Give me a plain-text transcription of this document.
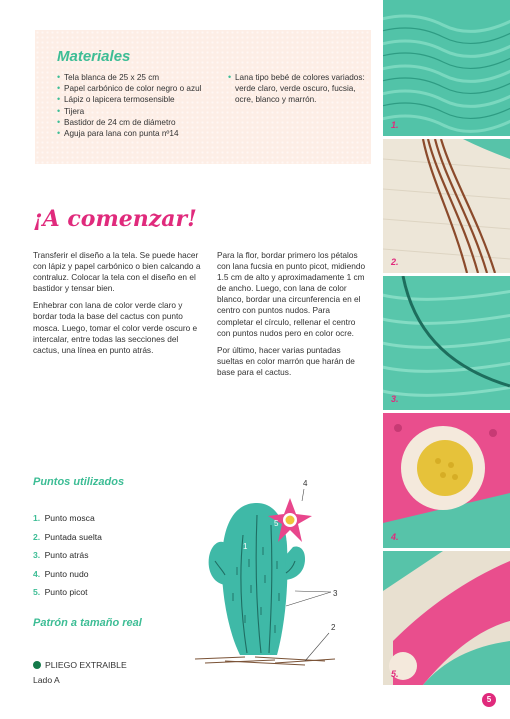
Materiales
• Tela blanca de 25 x 25 cm
• Papel carbónico de color negro o azul
• Lápiz o lapicera termosensible
• Tijera
• Bastidor de 24 cm de diámetro
• Aguja para lana con punta nº14
• Lana tipo bebé de colores variados: verde claro, verde oscuro, fucsia, ocre, blanco y marrón.
¡A comenzar!

Transferir el diseño a la tela. Se puede hacer con lápiz y papel carbónico o bien calcando a contraluz. Colocar la tela con el diseño en el bastidor y tensar bien.

Enhebrar con lana de color verde claro y bordar toda la base del cactus con punto mosca. Luego, tomar el color verde oscuro e intercalar, entre todas las secciones del cactus, una línea en punto atrás.

Para la flor, bordar primero los pétalos con lana fucsia en punto picot, midiendo 1.5 cm de alto y aproximadamente 1 cm de ancho. Luego, con lana de color blanco, bordar una circunferencia en el centro con puntos nudos. Para completar el círculo, rellenar el centro con puntos nudos pero en color ocre.

Por último, hacer varias puntadas sueltas en color marrón que harán de base para el cactus.

Puntos utilizados
1. Punto mosca
2. Puntada suelta
3. Punto atrás
4. Punto nudo
5. Punto picot
Patrón a tamaño real
PLIEGO EXTRAIBLE
Lado A
1
2
3
4
5 5
5
5
1.
2.
3.
4.
5.
5
